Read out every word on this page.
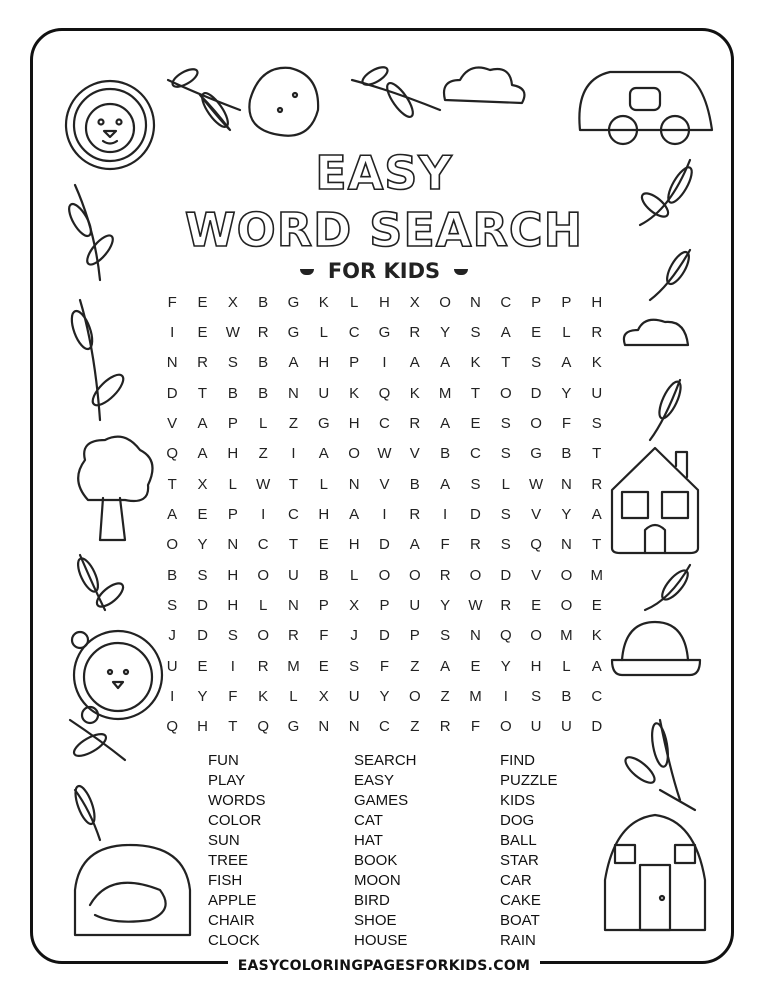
EASY
WORD SEARCH
FOR KIDS
F	E	X	B	G	K	L	H	X	O	N	C	P	P	H
I	E	W	R	G	L	C	G	R	Y	S	A	E	L	R
N	R	S	B	A	H	P	I	A	A	K	T	S	A	K
D	T	B	B	N	U	K	Q	K	M	T	O	D	Y	U
V	A	P	L	Z	G	H	C	R	A	E	S	O	F	S
Q	A	H	Z	I	A	O	W	V	B	C	S	G	B	T
T	X	L	W	T	L	N	V	B	A	S	L	W	N	R
A	E	P	I	C	H	A	I	R	I	D	S	V	Y	A
O	Y	N	C	T	E	H	D	A	F	R	S	Q	N	T
B	S	H	O	U	B	L	O	O	R	O	D	V	O	M
S	D	H	L	N	P	X	P	U	Y	W	R	E	O	E
J	D	S	O	R	F	J	D	P	S	N	Q	O	M	K
U	E	I	R	M	E	S	F	Z	A	E	Y	H	L	A
I	Y	F	K	L	X	U	Y	O	Z	M	I	S	B	C
Q	H	T	Q	G	N	N	C	Z	R	F	O	U	U	D
FUN
PLAY
WORDS
COLOR
SUN
TREE
FISH
APPLE
CHAIR
CLOCK
SEARCH
EASY
GAMES
CAT
HAT
BOOK
MOON
BIRD
SHOE
HOUSE
FIND
PUZZLE
KIDS
DOG
BALL
STAR
CAR
CAKE
BOAT
RAIN
EASYCOLORINGPAGESFORKIDS.COM
